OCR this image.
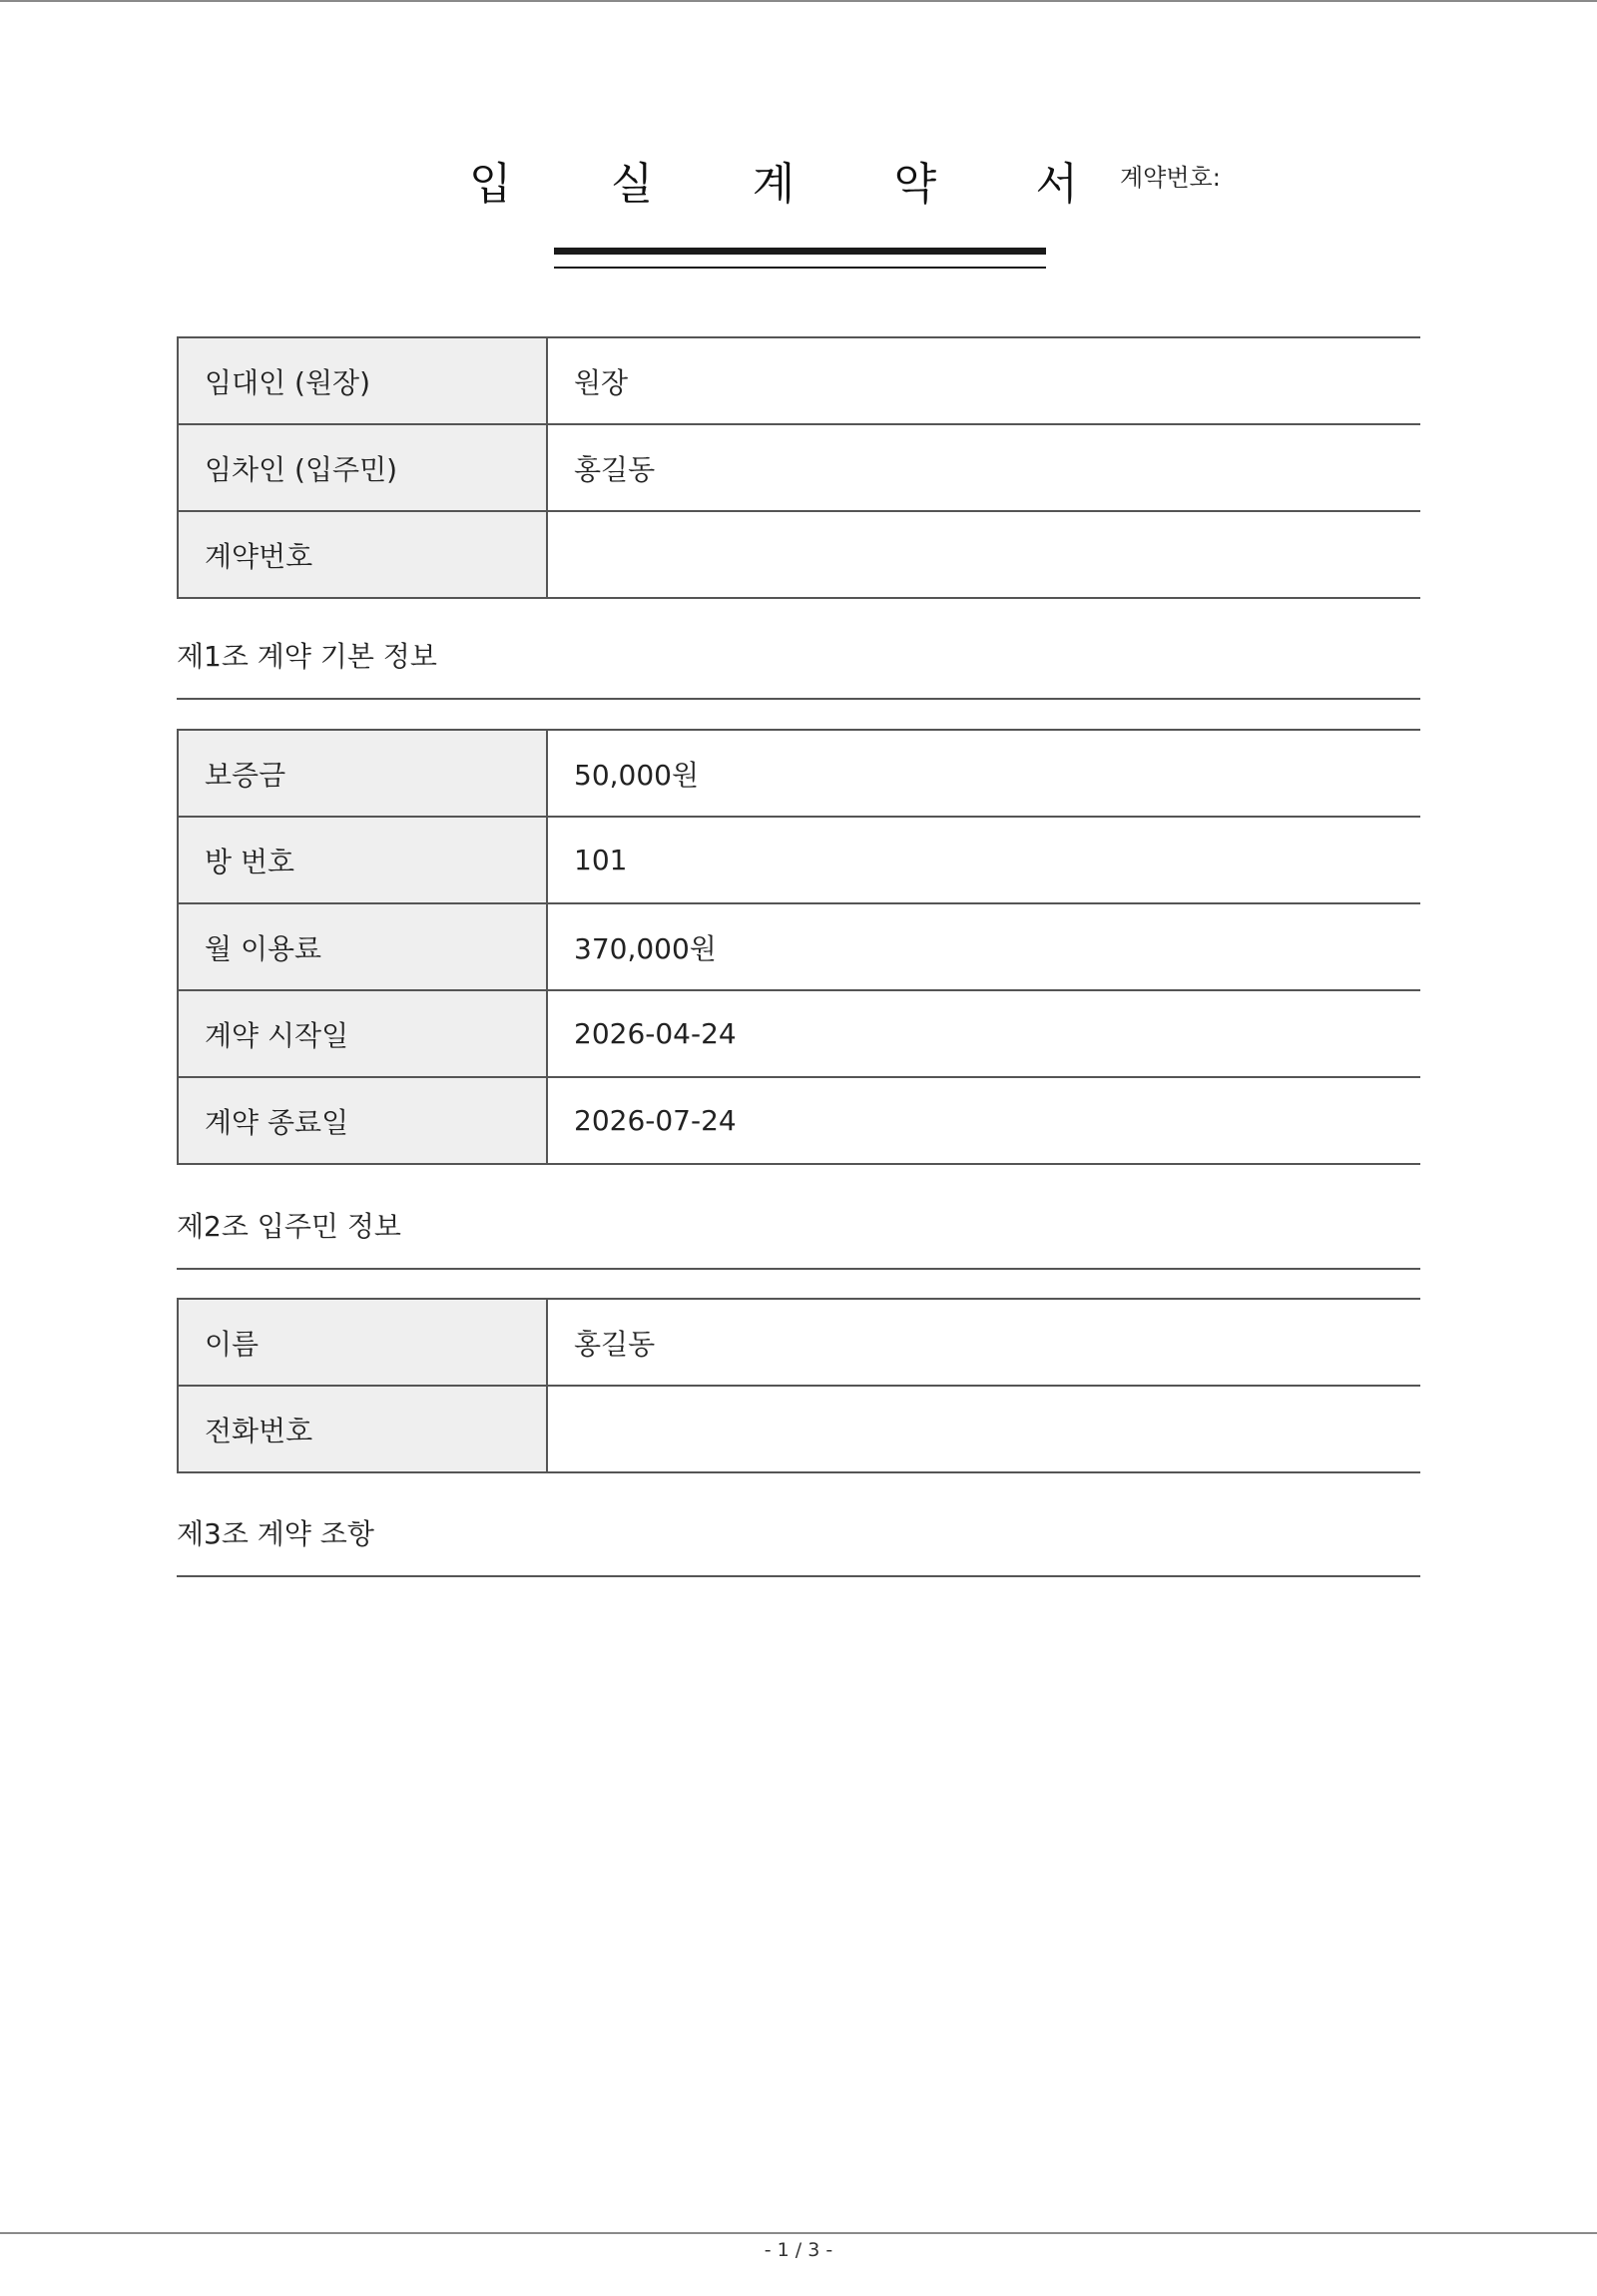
입 실 계 약 서 계약번호:
임대인 (원장)	원장
임차인 (입주민)	홍길동
계약번호
제1조 계약 기본 정보
보증금	50,000원
방 번호	101
월 이용료	370,000원
계약 시작일	2026-04-24
계약 종료일	2026-07-24
제2조 입주민 정보
이름	홍길동
전화번호
제3조 계약 조항
- 1 / 3 -
